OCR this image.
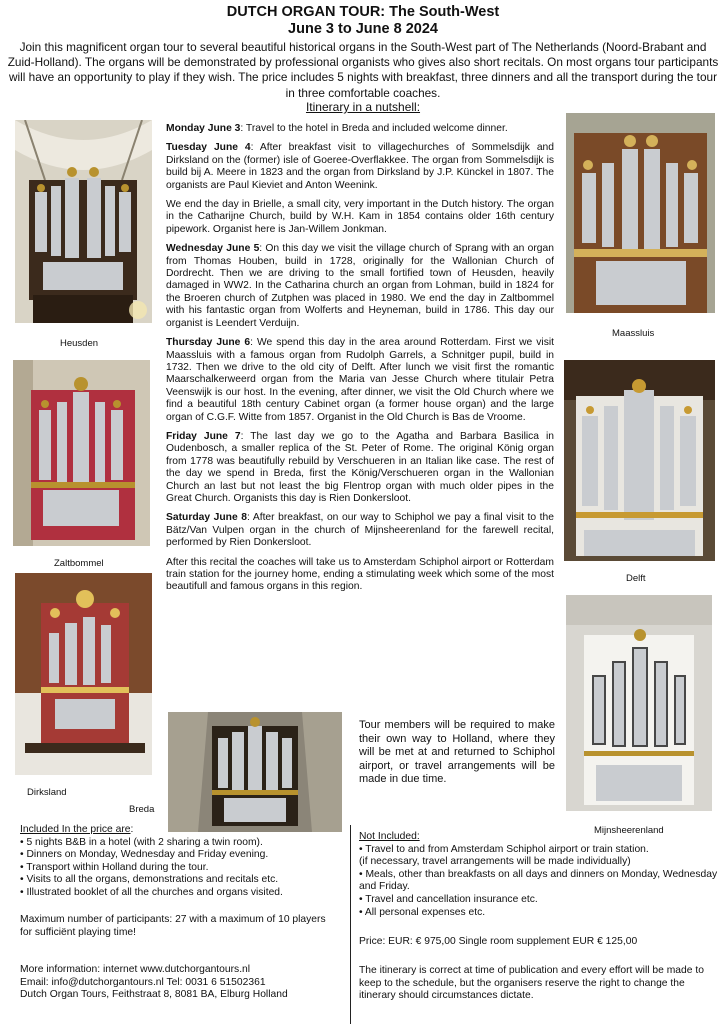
DUTCH ORGAN TOUR: The South-West
June 3 to June 8 2024
Join this magnificent organ tour to several beautiful historical organs in the South-West part of The Netherlands (Noord-Brabant and Zuid-Holland). The organs will be demonstrated by professional organists who gives also short recitals. On most organs tour participants will have an opportunity to play if they wish. The price includes 5 nights with breakfast, three dinners and all the transport during the tour in three comfortable coaches.
Itinerary in a nutshell:

Monday June 3: Travel to the hotel in Breda and included welcome dinner.

Tuesday June 4: After breakfast visit to villagechurches of Sommelsdijk and Dirksland on the (former) isle of Goeree-Overflakkee. The organ from Sommelsdijk is build bij A. Meere in 1823 and the organ from Dirksland by J.P. Künckel in 1807. The organists are Paul Kieviet and Anton Weenink.

We end the day in Brielle, a small city, very important in the Dutch history. The organ in the Catharijne Church, build by W.H. Kam in 1854 contains older 16th century pipework. Organist here is Jan-Willem Jonkman.

Wednesday June 5: On this day we visit the village church of Sprang with an organ from Thomas Houben, build in 1728, originally for the Wallonian Church of Dordrecht. Then we are driving to the small fortified town of Heusden, heavily damaged in WW2. In the Catharina church an organ from Lohman, build in 1824 for the Broeren church of Zutphen was placed in 1980. We end the day in Zaltbommel with his fantastic organ from Wolferts and Heyneman, build in 1786. This day our organist is Leendert Verduijn.

Thursday June 6: We spend this day in the area around Rotterdam. First we visit Maassluis with a famous organ from Rudolph Garrels, a Schnitger pupil, build in 1732. Then we drive to the old city of Delft. After lunch we visit first the romantic Maarschalkerweerd organ from the Maria van Jesse Church where titulair Petra Veenswijk is our host. In the evening, after dinner, we visit the Old Church where we find a beautiful 18th century Cabinet organ (a former house organ) and the large organ of C.G.F. Witte from 1857. Organist in the Old Church is Bas de Vroome.

Friday June 7: The last day we go to the Agatha and Barbara Basilica in Oudenbosch, a smaller replica of the St. Peter of Rome. The original König organ from 1778 was beautifully rebuild by Verschueren in an Italian like case. The rest of the day we spend in Breda, first the König/Verschueren organ in the Wallonian Church an last but not least the big Flentrop organ with much older pipes in the Great Church. Organists this day is Rien Donkersloot.

Saturday June 8: After breakfast, on our way to Schiphol we pay a final visit to the Bätz/Van Vulpen organ in the church of Mijnsheerenland for the farewell recital, performed by Rien Donkersloot.

After this recital the coaches will take us to Amsterdam Schiphol airport or Rotterdam train station for the journey home, ending a stimulating week which some of the most beautifull and famous organs in this region.

Heusden
Zaltbommel
Dirksland
Breda
Maassluis
Delft
Mijnsheerenland
Tour members will be required to make their own way to Holland, where they will be met at and returned to Schiphol airport, or travel arrangements will be made in due time.
Included In the price are:
• 5 nights B&B in a hotel (with 2 sharing a twin room).
• Dinners on Monday, Wednesday and Friday evening.
• Transport within Holland during the tour.
• Visits to all the organs, demonstrations and recitals etc.
• Illustrated booklet of all the churches and organs visited.
Maximum number of participants: 27 with a maximum of 10 players for sufficiënt playing time!
More information: internet www.dutchorgantours.nl
Email: info@dutchorgantours.nl Tel: 0031 6 51502361
Dutch Organ Tours, Feithstraat 8, 8081 BA, Elburg Holland
Not Included:
• Travel to and from Amsterdam Schiphol airport or train station.
(if necessary, travel arrangements will be made individually)
• Meals, other than breakfasts on all days and dinners on Monday, Wednesday and Friday.
• Travel and cancellation insurance etc.
• All personal expenses etc.
Price: EUR: € 975,00 Single room supplement EUR € 125,00
The itinerary is correct at time of publication and every effort will be made to keep to the schedule, but the organisers reserve the right to change the itinerary should circumstances dictate.
